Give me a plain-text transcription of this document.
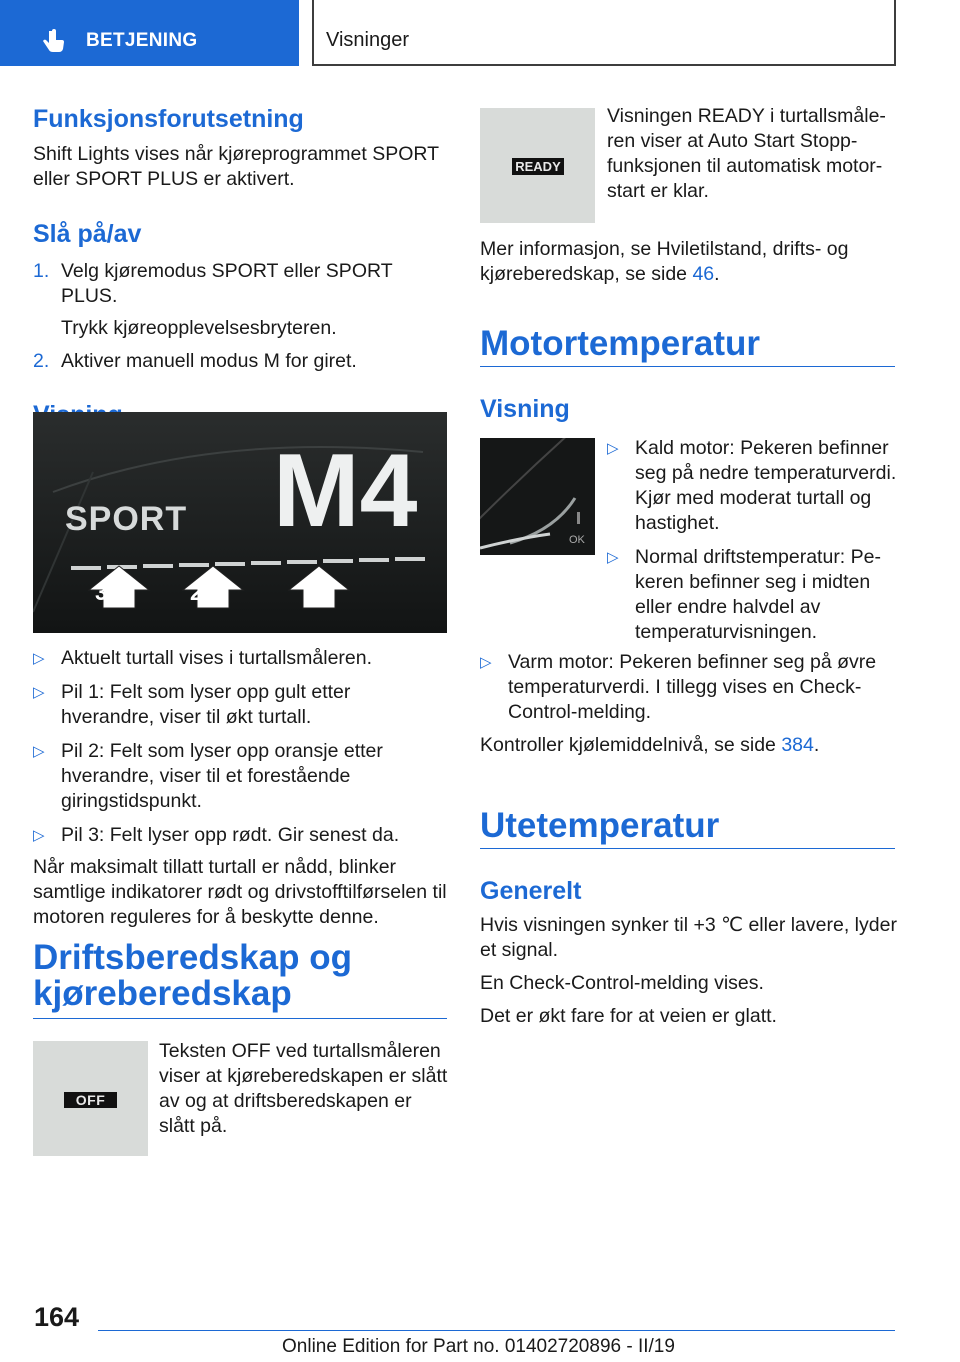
BETJENING	Visninger
Funksjonsforutsetning
Shift Lights vises når kjøreprogrammet SPORT eller SPORT PLUS er aktivert.
Slå på/av
1. Velg kjøremodus SPORT eller SPORT PLUS.
Trykk kjøreopplevelsesbryteren.
2. Aktiver manuell modus M for giret.
SPORT M4
3	2	1
▷ Aktuelt turtall vises i turtallsmåleren.
▷ Pil 1: Felt som lyser opp gult etter hverandre, viser til økt turtall.
▷ Pil 2: Felt som lyser opp oransje etter hverandre, viser til et forestående giringstidspunkt.
▷ Pil 3: Felt lyser opp rødt. Gir senest da.
Når maksimalt tillatt turtall er nådd, blinker samtlige indikatorer rødt og drivstofftilførselen til motoren reguleres for å beskytte denne.
Driftsberedskap og
kjøreberedskap
OFF
Teksten OFF ved turtallsmåleren viser at kjøreberedskapen er slått av og at driftsberedskapen er slått på.
READY
Visningen READY i turtallsmåleren viser at Auto Start Stopp-funksjonen til automatisk motorstart er klar.
Mer informasjon, se Hviletilstand, drifts- og kjøreberedskap, se side 46.
Motortemperatur
Visning
OK
▷ Kald motor: Pekeren befinner seg på nedre temperaturverdi. Kjør med moderat turtall og hastighet.
▷ Normal driftstemperatur: Pekeren befinner seg i midten eller endre halvdel av temperaturvisningen.
▷ Varm motor: Pekeren befinner seg på øvre temperaturverdi. I tillegg vises en Check-Control-melding.
Kontroller kjølemiddelnivå, se side 384.
Utetemperatur
Generelt
Hvis visningen synker til +3 ℃ eller lavere, lyder et signal.
En Check-Control-melding vises.
Det er økt fare for at veien er glatt.
164
Online Edition for Part no. 01402720896 - II/19
